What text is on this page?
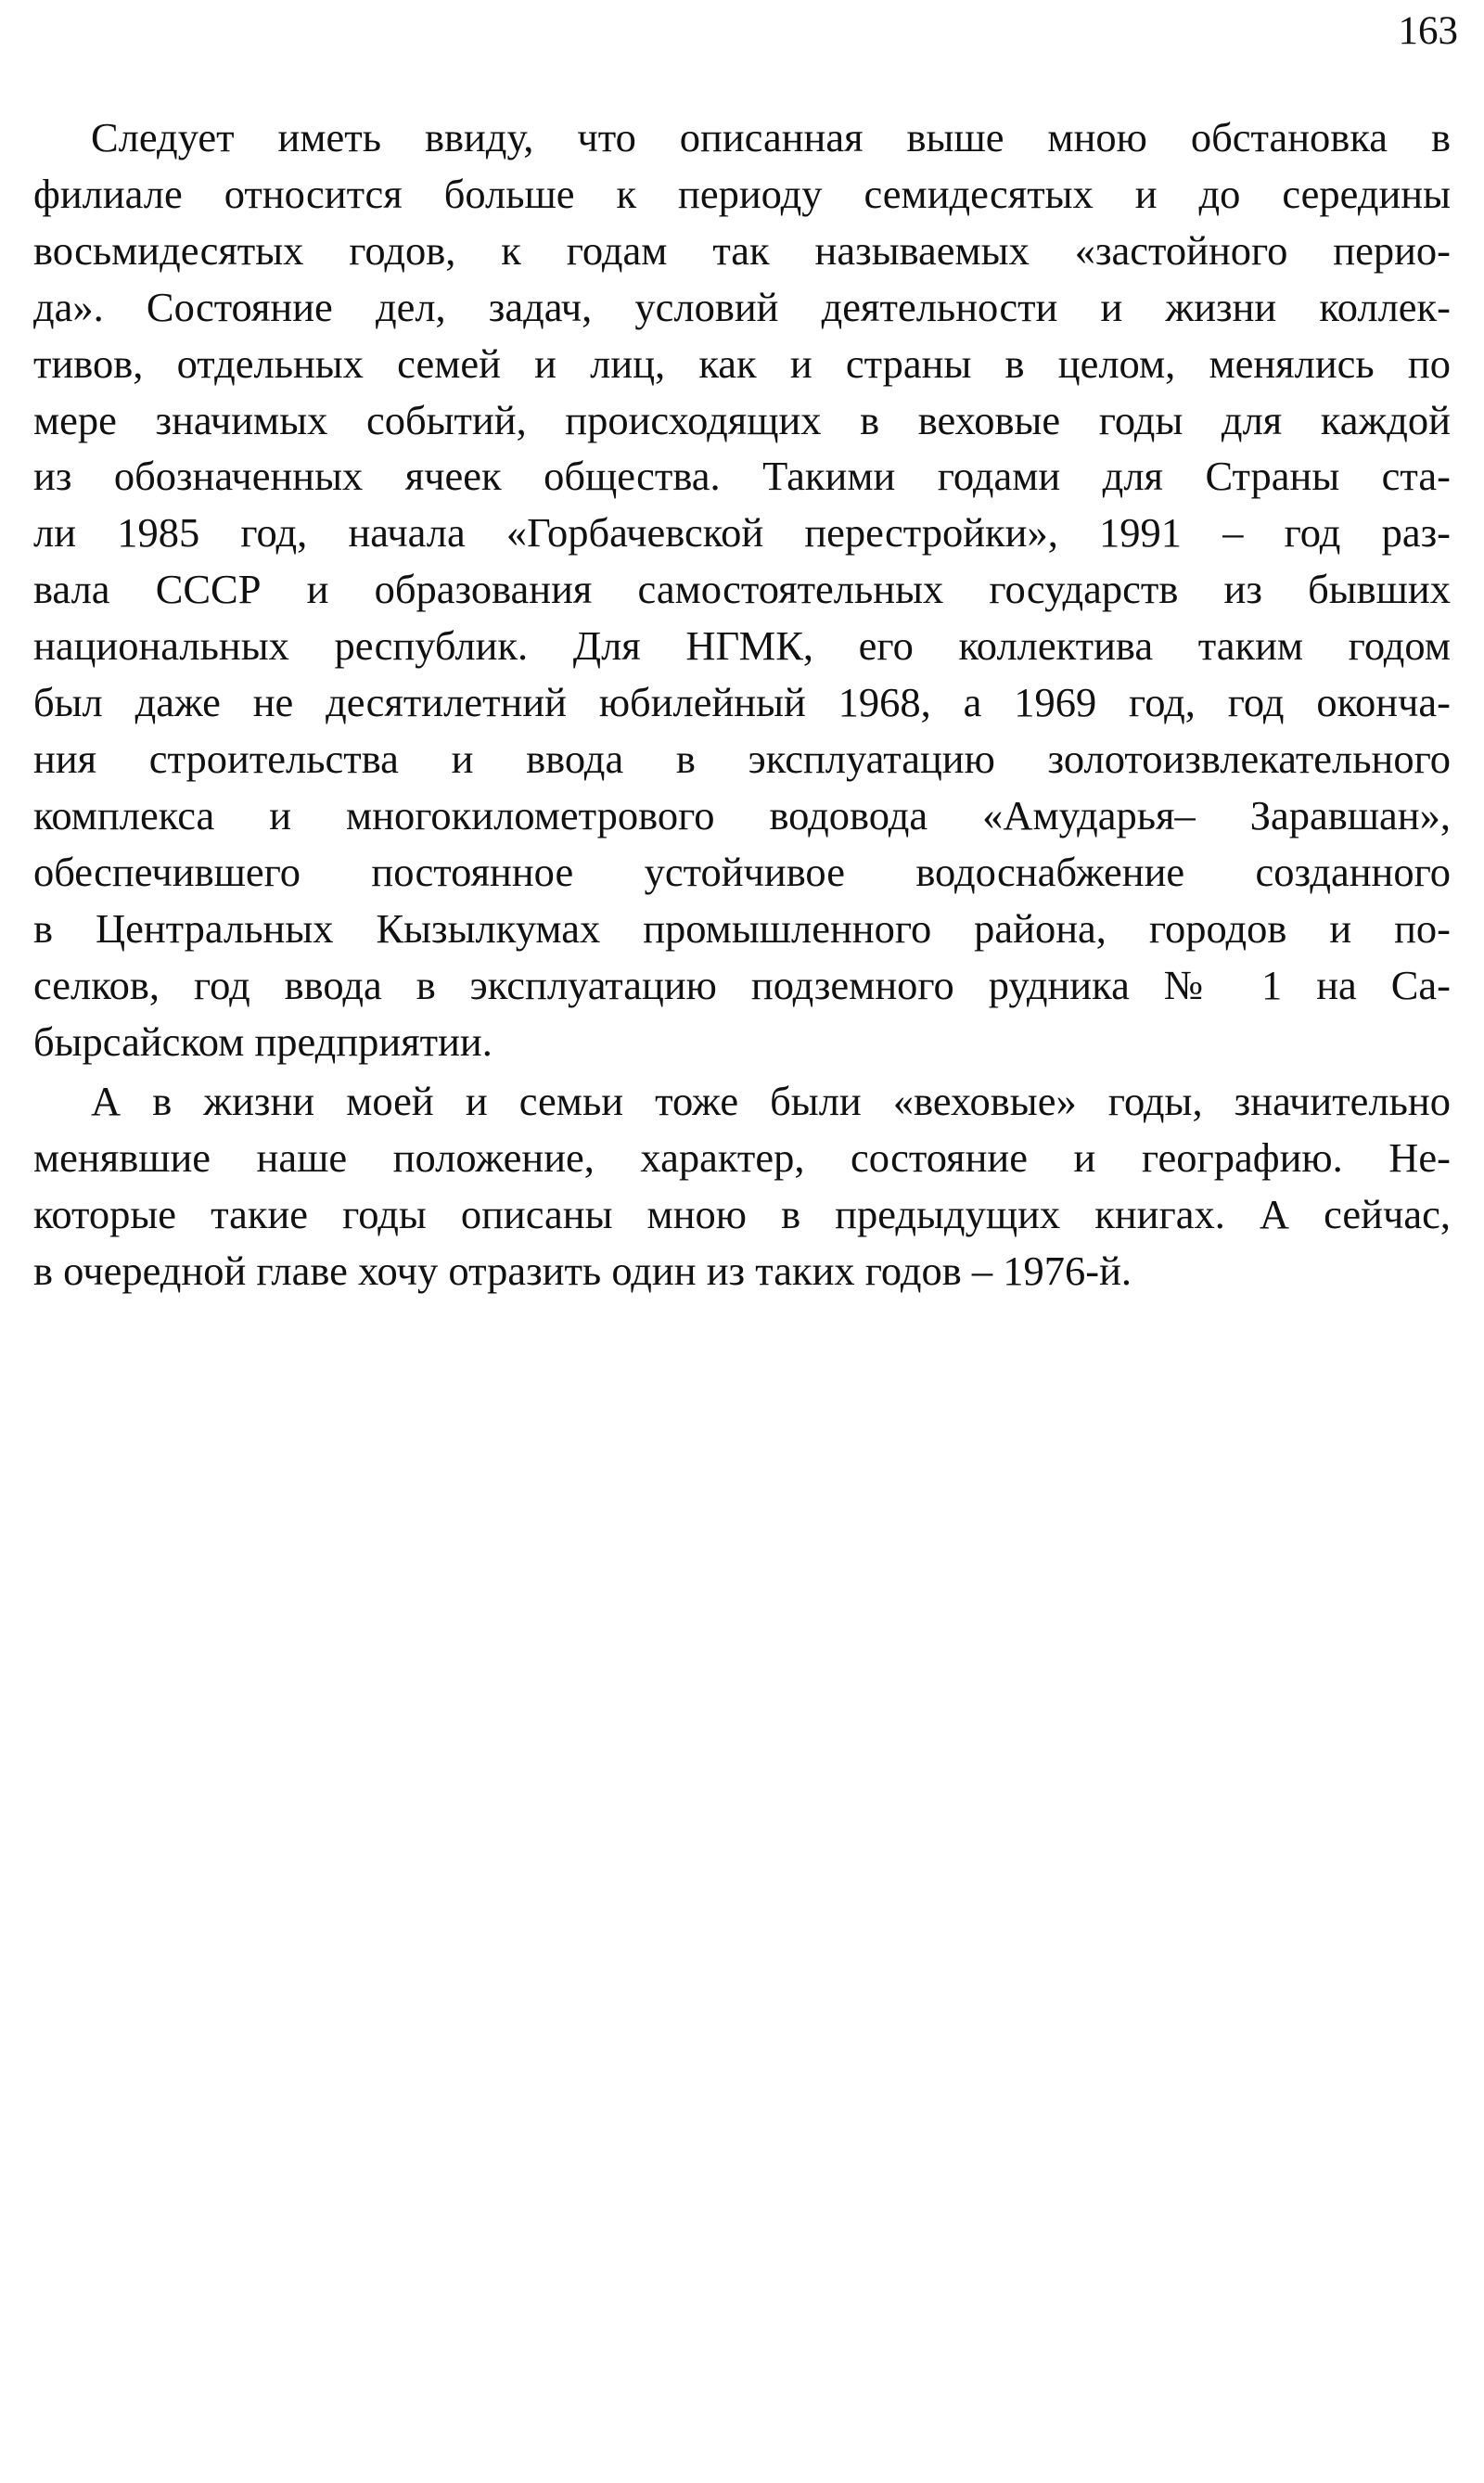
163
Следует иметь ввиду, что описанная выше мною обстановка в
филиале относится больше к периоду семидесятых и до середины
восьмидесятых годов, к годам так называемых «застойного перио-
да». Состояние дел, задач, условий деятельности и жизни коллек-
тивов, отдельных семей и лиц, как и страны в целом, менялись по
мере значимых событий, происходящих в веховые годы для каждой
из обозначенных ячеек общества. Такими годами для Страны ста-
ли 1985 год, начала «Горбачевской перестройки», 1991 – год раз-
вала СССР и образования самостоятельных государств из бывших
национальных республик. Для НГМК, его коллектива таким годом
был даже не десятилетний юбилейный 1968, а 1969 год, год оконча-
ния строительства и ввода в эксплуатацию золотоизвлекательного
комплекса и многокилометрового водовода «Амударья– Заравшан»,
обеспечившего постоянное устойчивое водоснабжение созданного
в Центральных Кызылкумах промышленного района, городов и по-
селков, год ввода в эксплуатацию подземного рудника № 1 на Са-
бырсайском предприятии.
А в жизни моей и семьи тоже были «веховые» годы, значительно
менявшие наше положение, характер, состояние и географию. Не-
которые такие годы описаны мною в предыдущих книгах. А сейчас,
в очередной главе хочу отразить один из таких годов – 1976-й.
